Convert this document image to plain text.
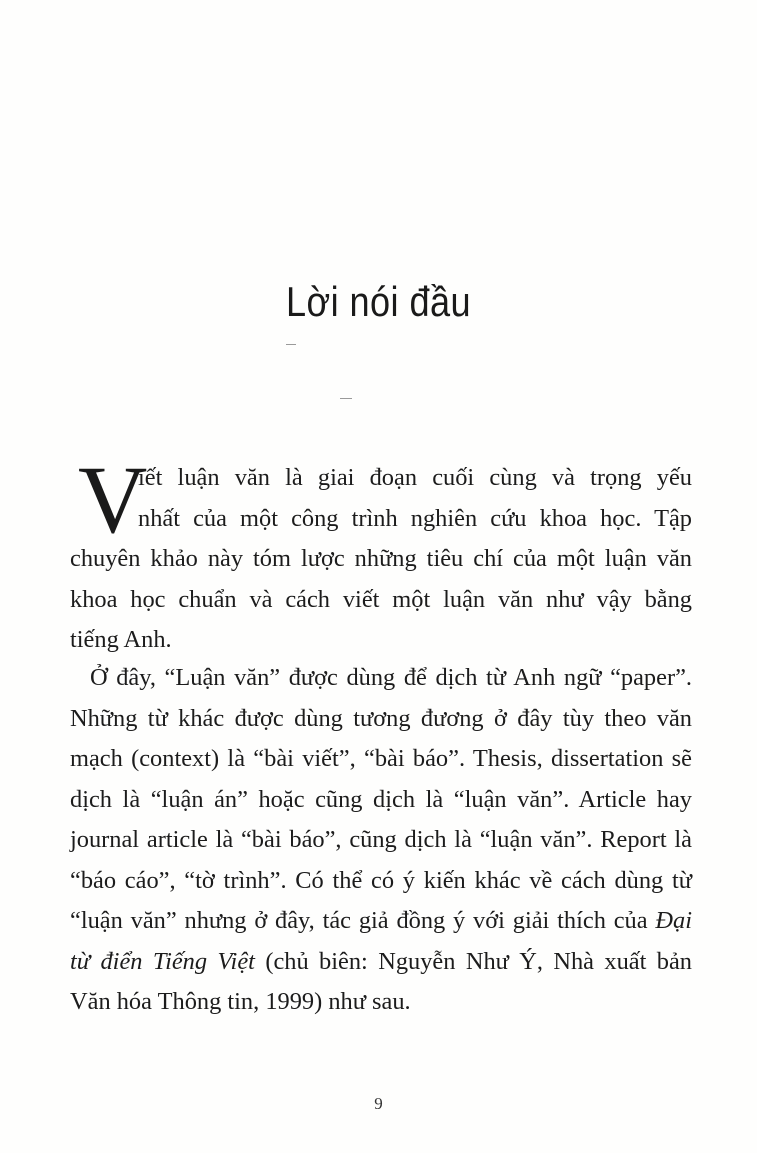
Lời nói đầu
V
iết luận văn là giai đoạn cuối cùng và trọng yếu
nhất của một công trình nghiên cứu khoa học. Tập
chuyên khảo này tóm lược những tiêu chí của một luận văn
khoa học chuẩn và cách viết một luận văn như vậy bằng
tiếng Anh.
Ở đây, “Luận văn” được dùng để dịch từ Anh ngữ “paper”.
Những từ khác được dùng tương đương ở đây tùy theo văn
mạch (context) là “bài viết”, “bài báo”. Thesis, dissertation sẽ
dịch là “luận án” hoặc cũng dịch là “luận văn”. Article hay
journal article là “bài báo”, cũng dịch là “luận văn”. Report là
“báo cáo”, “tờ trình”. Có thể có ý kiến khác về cách dùng từ
“luận văn” nhưng ở đây, tác giả đồng ý với giải thích của Đại
từ điển Tiếng Việt (chủ biên: Nguyễn Như Ý, Nhà xuất bản
Văn hóa Thông tin, 1999) như sau.
9
